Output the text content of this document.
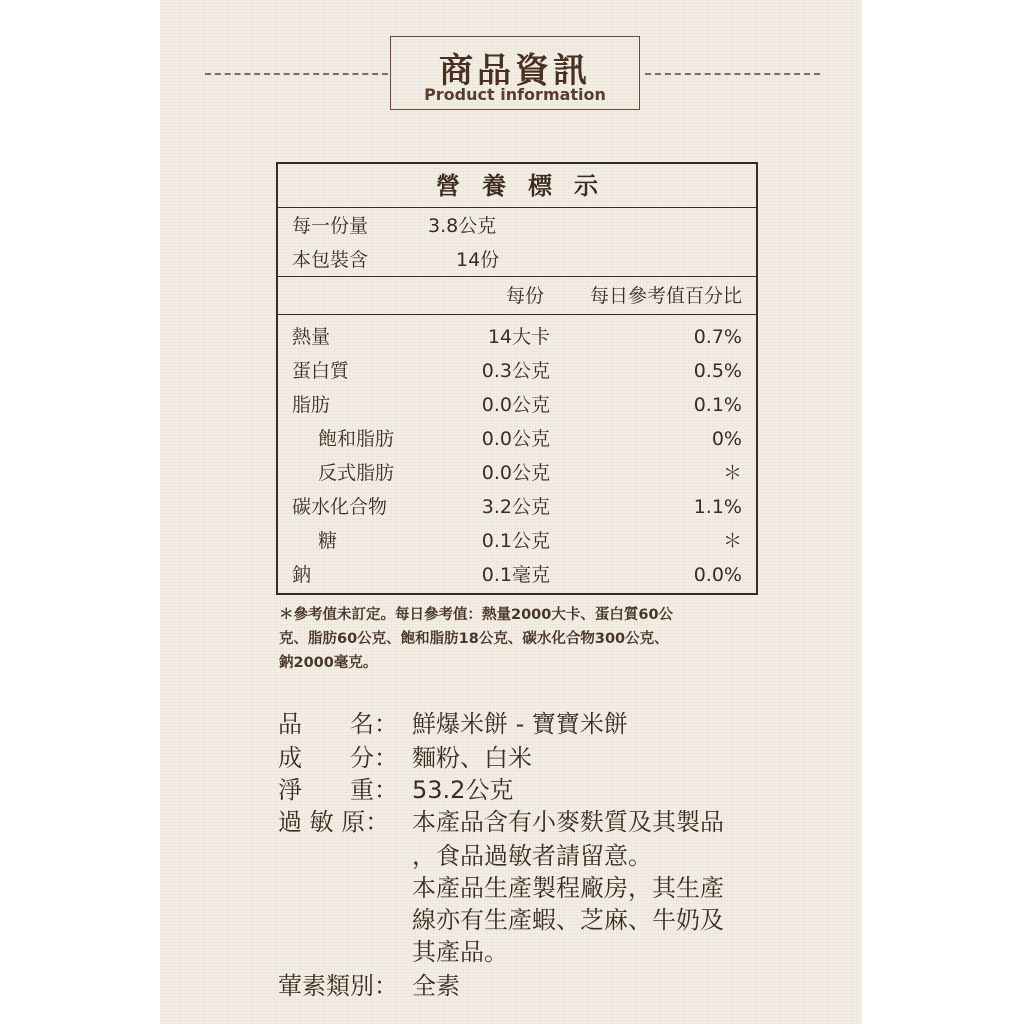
商品資訊
Product information
營養標示
每一份量	3.8公克
本包裝含	14份
每份 每日參考值百分比
熱量	14大卡	0.7%
蛋白質	0.3公克	0.5%
脂肪	0.0公克	0.1%
飽和脂肪	0.0公克	0%
反式脂肪	0.0公克	＊
碳水化合物	3.2公克	1.1%
糖	0.1公克	＊
鈉	0.1毫克	0.0%
＊參考值未訂定。每日參考值：熱量2000大卡、蛋白質60公
克、脂肪60公克、飽和脂肪18公克、碳水化合物300公克、
鈉2000毫克。
品　　名： 鮮爆米餅 - 寶寶米餅
成　　分： 麵粉、白米
淨　　重： 53.2公克
過 敏 原： 本產品含有小麥麩質及其製品
，食品過敏者請留意。
本產品生產製程廠房，其生產
線亦有生產蝦、芝麻、牛奶及
其產品。
葷素類別： 全素
